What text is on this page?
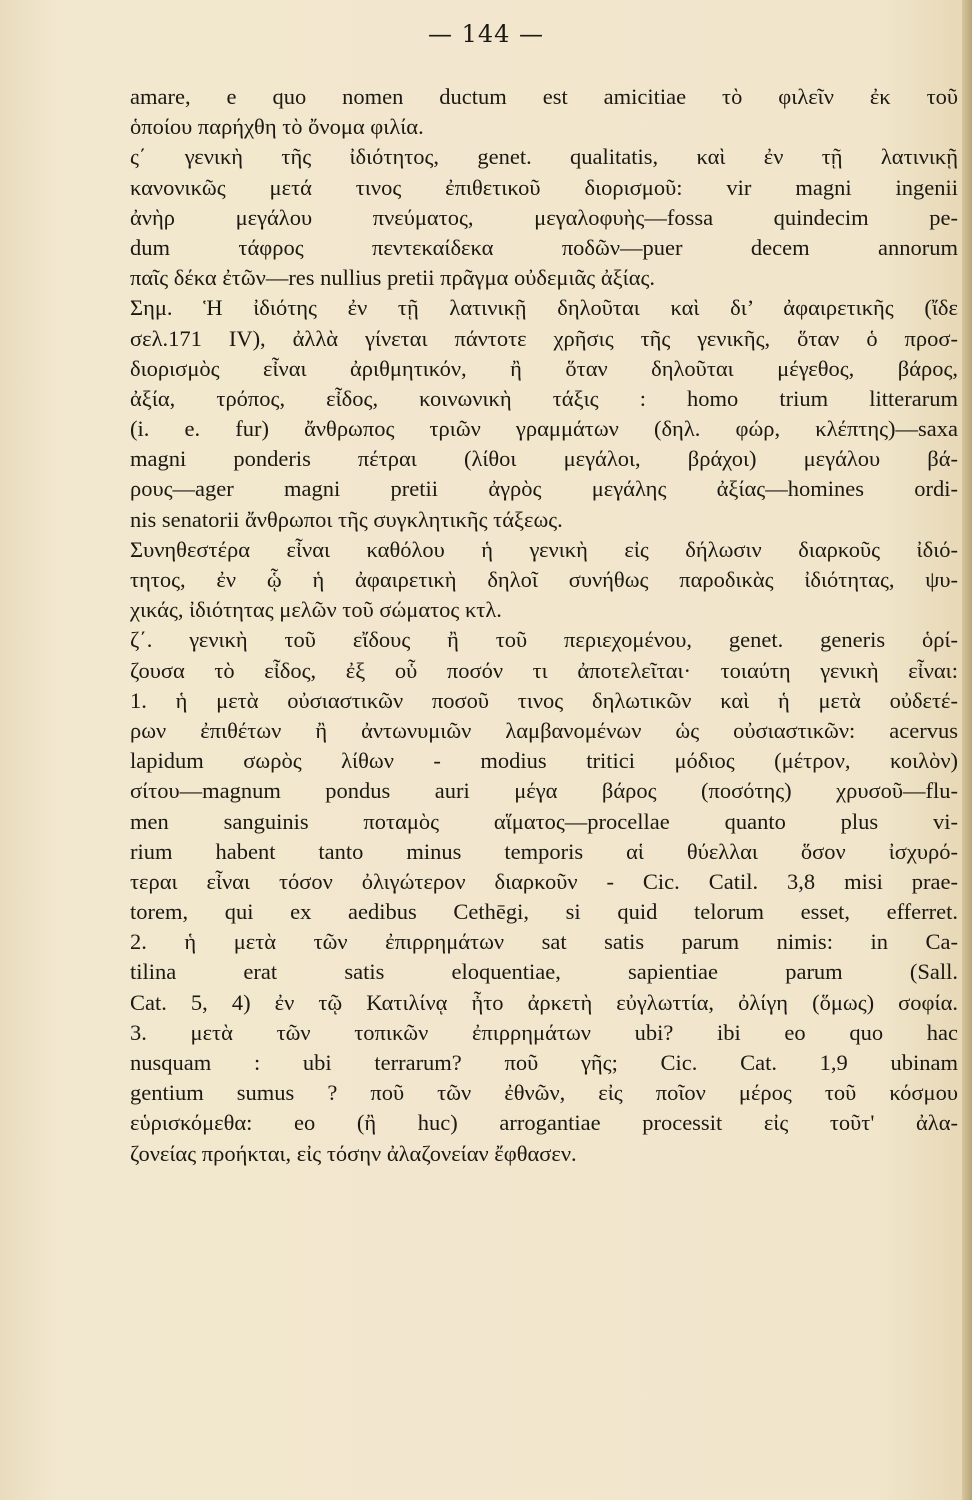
— 144 —
amare, e quo nomen ductum est amicitiae τὸ φιλεῖν ἐκ τοῦ
ὁποίου παρήχθη τὸ ὄνομα φιλία.
ς΄ γενικὴ τῆς ἰδιότητος, genet. qualitatis, καὶ ἐν τῇ λατινικῇ
κανονικῶς μετά τινος ἐπιθετικοῦ διορισμοῦ: vir magni ingenii
ἀνὴρ μεγάλου πνεύματος, μεγαλοφυὴς—fossa quindecim pe-
dum τάφρος πεντεκαίδεκα ποδῶν—puer decem annorum
παῖς δέκα ἐτῶν—res nullius pretii πρᾶγμα οὐδεμιᾶς ἀξίας.
Σημ. Ἡ ἰδιότης ἐν τῇ λατινικῇ δηλοῦται καὶ δι’ ἀφαιρετικῆς (ἴδε
σελ.171 IV), ἀλλὰ γίνεται πάντοτε χρῆσις τῆς γενικῆς, ὅταν ὁ προσ-
διορισμὸς εἶναι ἀριθμητικόν, ἢ ὅταν δηλοῦται μέγεθος, βάρος,
ἀξία, τρόπος, εἶδος, κοινωνικὴ τάξις : homo trium litterarum
(i. e. fur) ἄνθρωπος τριῶν γραμμάτων (δηλ. φώρ, κλέπτης)—saxa
magni ponderis πέτραι (λίθοι μεγάλοι, βράχοι) μεγάλου βά-
ρους—ager magni pretii ἀγρὸς μεγάλης ἀξίας—homines ordi-
nis senatorii ἄνθρωποι τῆς συγκλητικῆς τάξεως.
Συνηθεστέρα εἶναι καθόλου ἡ γενικὴ εἰς δήλωσιν διαρκοῦς ἰδιό-
τητος, ἐν ᾧ ἡ ἀφαιρετικὴ δηλοῖ συνήθως παροδικὰς ἰδιότητας, ψυ-
χικάς, ἰδιότητας μελῶν τοῦ σώματος κτλ.
ζ΄. γενικὴ τοῦ εἴδους ἢ τοῦ περιεχομένου, genet. generis ὁρί-
ζουσα τὸ εἶδος, ἐξ οὗ ποσόν τι ἀποτελεῖται· τοιαύτη γενικὴ εἶναι:
1. ἡ μετὰ οὐσιαστικῶν ποσοῦ τινος δηλωτικῶν καὶ ἡ μετὰ οὐδετέ-
ρων ἐπιθέτων ἢ ἀντωνυμιῶν λαμβανομένων ὡς οὐσιαστικῶν: acervus
lapidum σωρὸς λίθων - modius tritici μόδιος (μέτρον, κοιλὸν)
σίτου—magnum pondus auri μέγα βάρος (ποσότης) χρυσοῦ—flu-
men sanguinis ποταμὸς αἵματος—procellae quanto plus vi-
rium habent tanto minus temporis αἱ θύελλαι ὅσον ἰσχυρό-
τεραι εἶναι τόσον ὀλιγώτερον διαρκοῦν - Cic. Catil. 3,8 misi prae-
torem, qui ex aedibus Cethēgi, si quid telorum esset, efferret.
2. ἡ μετὰ τῶν ἐπιρρημάτων sat satis parum nimis: in Ca-
tilina erat satis eloquentiae, sapientiae parum (Sall.
Cat. 5, 4) ἐν τῷ Κατιλίνᾳ ἦτο ἀρκετὴ εὐγλωττία, ὀλίγη (ὅμως) σοφία.
3. μετὰ τῶν τοπικῶν ἐπιρρημάτων ubi? ibi eo quo hac
nusquam : ubi terrarum? ποῦ γῆς; Cic. Cat. 1,9 ubinam
gentium sumus ? ποῦ τῶν ἐθνῶν, εἰς ποῖον μέρος τοῦ κόσμου
εὑρισκόμεθα: eo (ἢ huc) arrogantiae processit εἰς τοῦτ' ἀλα-
ζονείας προήκται, εἰς τόσην ἀλαζονείαν ἔφθασεν.
